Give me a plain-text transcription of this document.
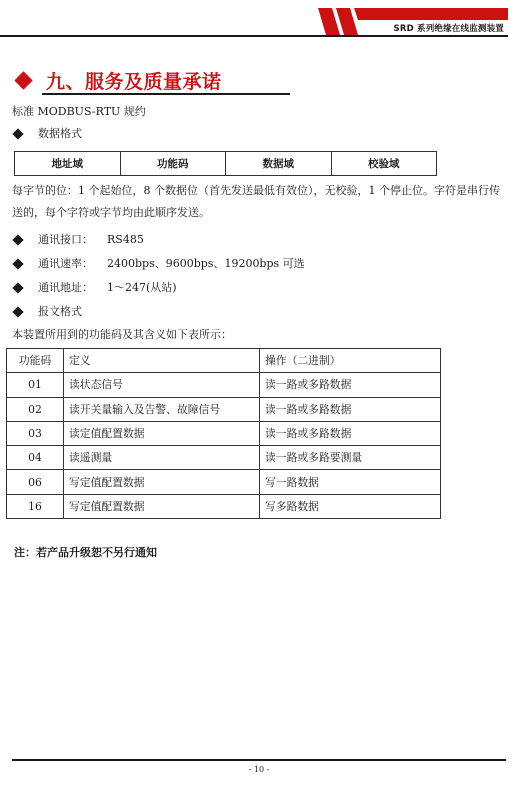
SRD 系列绝缘在线监测装置
九、服务及质量承诺
标准 MODBUS-RTU 规约
数据格式
地址域	功能码	数据域	校验域
每字节的位：1 个起始位，8 个数据位（首先发送最低有效位），无校验，1 个停止位。字符是串行传送的，每个字符或字节均由此顺序发送。
通讯接口： RS485
通讯速率： 2400bps、9600bps、19200bps 可选
通讯地址： 1～247(从站)
报文格式
本装置所用到的功能码及其含义如下表所示：
功能码	定义	操作（二进制）
01	读状态信号	读一路或多路数据
02	读开关量输入及告警、故障信号	读一路或多路数据
03	读定值配置数据	读一路或多路数据
04	读遥测量	读一路或多路要测量
06	写定值配置数据	写一路数据
16	写定值配置数据	写多路数据
注：若产品升级恕不另行通知
- 10 -
